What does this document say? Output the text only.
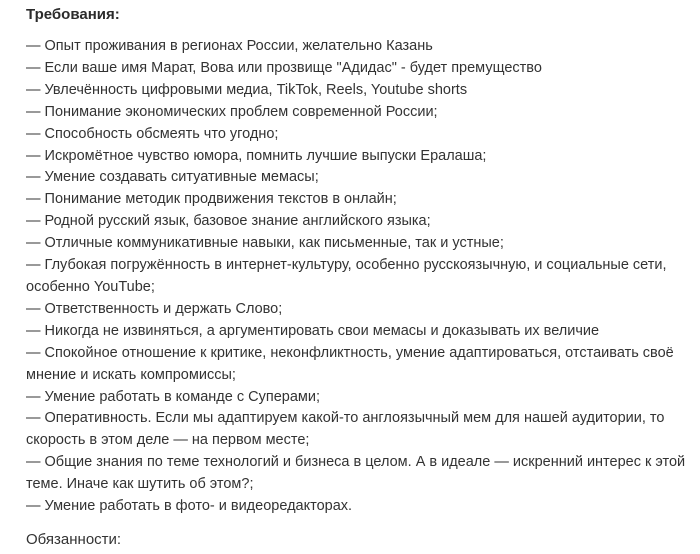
Требования:

— Опыт проживания в регионах России, желательно Казань
— Если ваше имя Марат, Вова или прозвище "Адидас" - будет премущество
— Увлечённость цифровыми медиа, TikTok, Reels, Youtube shorts
— Понимание экономических проблем современной России;
— Способность обсмеять что угодно;
— Искромётное чувство юмора, помнить лучшие выпуски Ералаша;
— Умение создавать ситуативные мемасы;
— Понимание методик продвижения текстов в онлайн;
— Родной русский язык, базовое знание английского языка;
— Отличные коммуникативные навыки, как письменные, так и устные;
— Глубокая погружённость в интернет-культуру, особенно русскоязычную, и социальные сети, особенно YouTube;
— Ответственность и держать Слово;
— Никогда не извиняться, а аргументировать свои мемасы и доказывать их величие
— Спокойное отношение к критике, неконфликтность, умение адаптироваться, отстаивать своё мнение и искать компромиссы;
— Умение работать в команде с Суперами;
— Оперативность. Если мы адаптируем какой-то англоязычный мем для нашей аудитории, то скорость в этом деле — на первом месте;
— Общие знания по теме технологий и бизнеса в целом. А в идеале — искренний интерес к этой теме. Иначе как шутить об этом?;
— Умение работать в фото- и видеоредакторах.

Обязанности:
